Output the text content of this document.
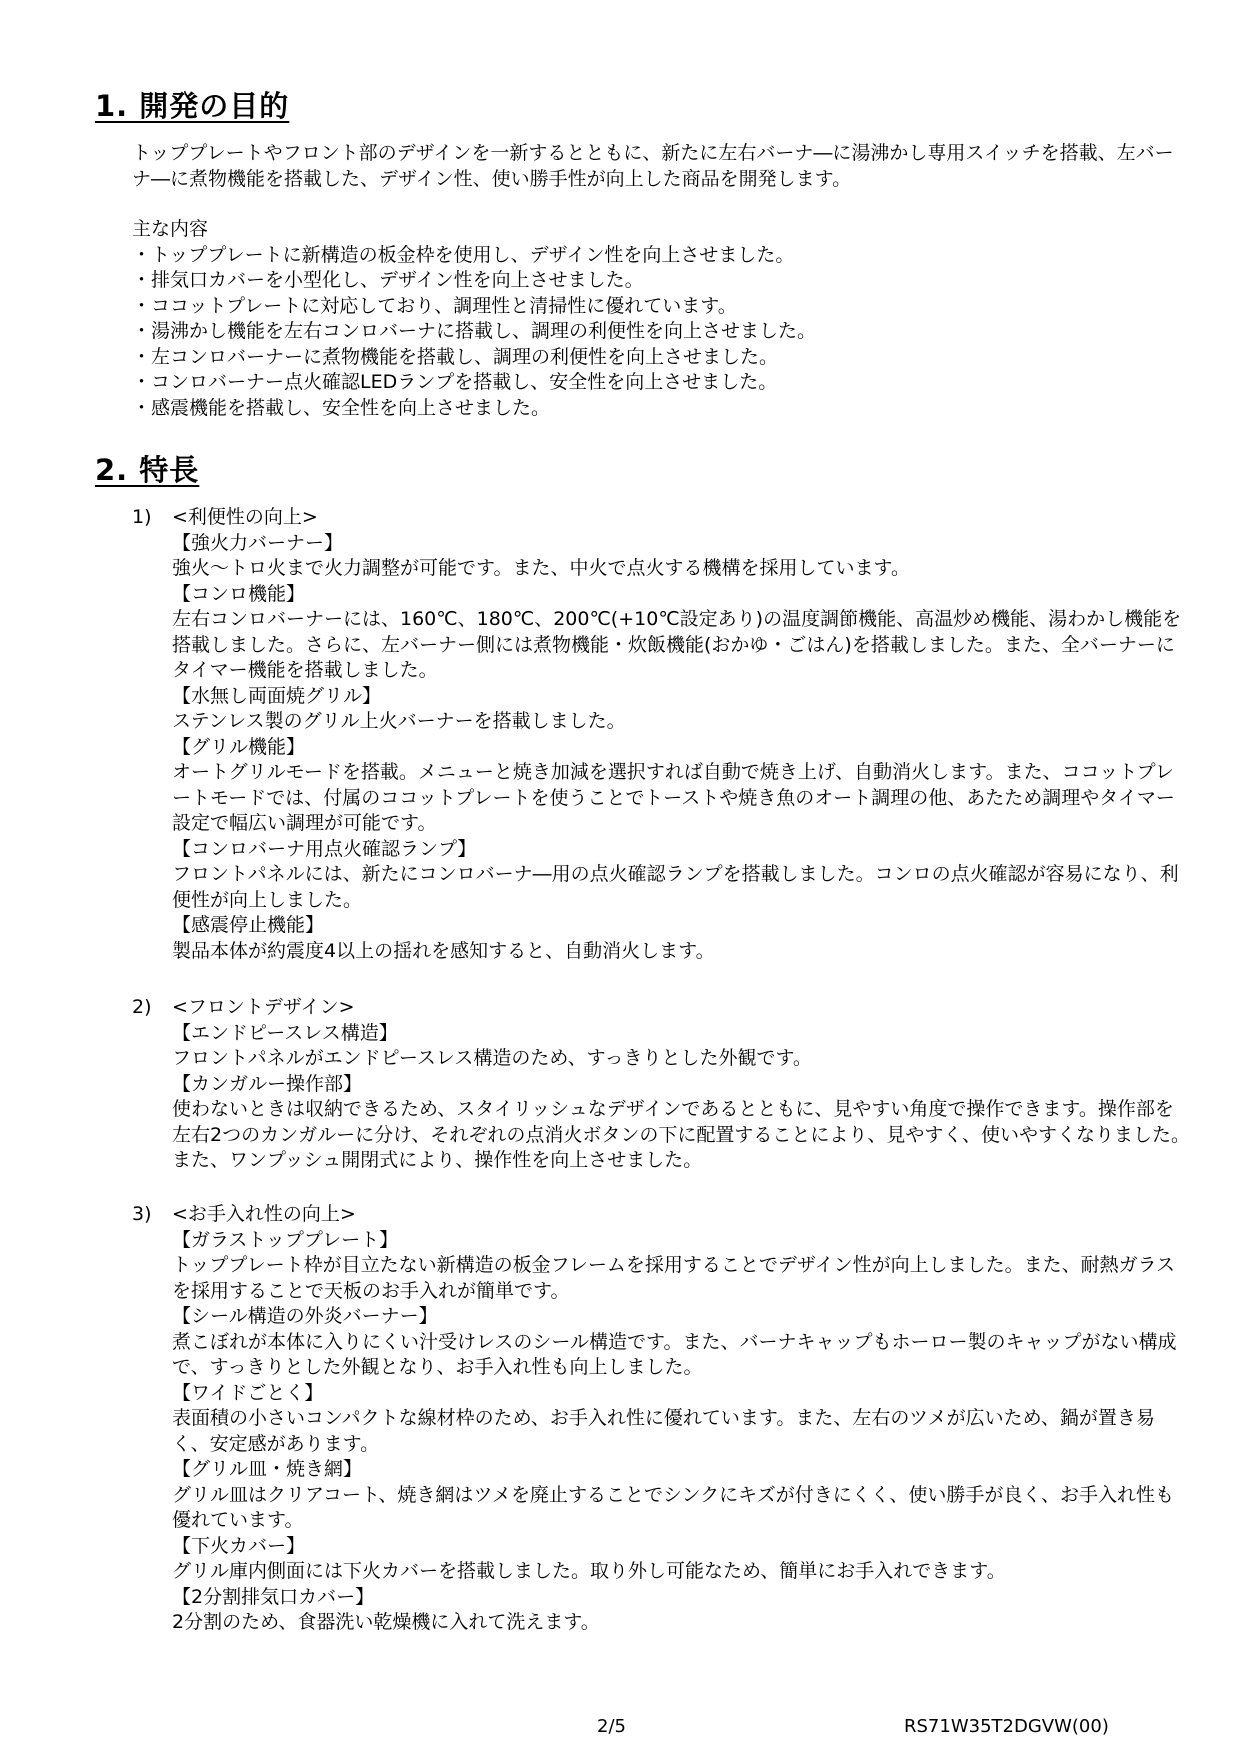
1. 開発の目的

トッププレートやフロント部のデザインを一新するとともに、新たに左右バーナ―に湯沸かし専用スイッチを搭載、左バーナ―に煮物機能を搭載した、デザイン性、使い勝手性が向上した商品を開発します。

主な内容

・トッププレートに新構造の板金枠を使用し、デザイン性を向上させました。

・排気口カバーを小型化し、デザイン性を向上させました。

・ココットプレートに対応しており、調理性と清掃性に優れています。

・湯沸かし機能を左右コンロバーナに搭載し、調理の利便性を向上させました。

・左コンロバーナーに煮物機能を搭載し、調理の利便性を向上させました。

・コンロバーナー点火確認LEDランプを搭載し、安全性を向上させました。

・感震機能を搭載し、安全性を向上させました。

2. 特長
1)	<利便性の向上>

【強火力バーナー】

強火～トロ火まで火力調整が可能です。また、中火で点火する機構を採用しています。

【コンロ機能】

左右コンロバーナーには、160℃、180℃、200℃(+10℃設定あり)の温度調節機能、高温炒め機能、湯わかし機能を搭載しました。さらに、左バーナー側には煮物機能・炊飯機能(おかゆ・ごはん)を搭載しました。また、全バーナーにタイマー機能を搭載しました。

【水無し両面焼グリル】

ステンレス製のグリル上火バーナーを搭載しました。

【グリル機能】

オートグリルモードを搭載。メニューと焼き加減を選択すれば自動で焼き上げ、自動消火します。また、ココットプレートモードでは、付属のココットプレートを使うことでトーストや焼き魚のオート調理の他、あたため調理やタイマー設定で幅広い調理が可能です。

【コンロバーナ用点火確認ランプ】

フロントパネルには、新たにコンロバーナ―用の点火確認ランプを搭載しました。コンロの点火確認が容易になり、利便性が向上しました。

【感震停止機能】

製品本体が約震度4以上の揺れを感知すると、自動消火します。

2)	<フロントデザイン>

【エンドピースレス構造】

フロントパネルがエンドピースレス構造のため、すっきりとした外観です。

【カンガルー操作部】

使わないときは収納できるため、スタイリッシュなデザインであるとともに、見やすい角度で操作できます。操作部を左右2つのカンガルーに分け、それぞれの点消火ボタンの下に配置することにより、見やすく、使いやすくなりました。また、ワンプッシュ開閉式により、操作性を向上させました。

3)	<お手入れ性の向上>

【ガラストッププレート】

トッププレート枠が目立たない新構造の板金フレームを採用することでデザイン性が向上しました。また、耐熱ガラスを採用することで天板のお手入れが簡単です。

【シール構造の外炎バーナー】

煮こぼれが本体に入りにくい汁受けレスのシール構造です。また、バーナキャップもホーロー製のキャップがない構成で、すっきりとした外観となり、お手入れ性も向上しました。

【ワイドごとく】

表面積の小さいコンパクトな線材枠のため、お手入れ性に優れています。また、左右のツメが広いため、鍋が置き易く、安定感があります。

【グリル皿・焼き網】

グリル皿はクリアコート、焼き網はツメを廃止することでシンクにキズが付きにくく、使い勝手が良く、お手入れ性も優れています。

【下火カバー】

グリル庫内側面には下火カバーを搭載しました。取り外し可能なため、簡単にお手入れできます。

【2分割排気口カバー】

2分割のため、食器洗い乾燥機に入れて洗えます。

2/5	RS71W35T2DGVW(00)
